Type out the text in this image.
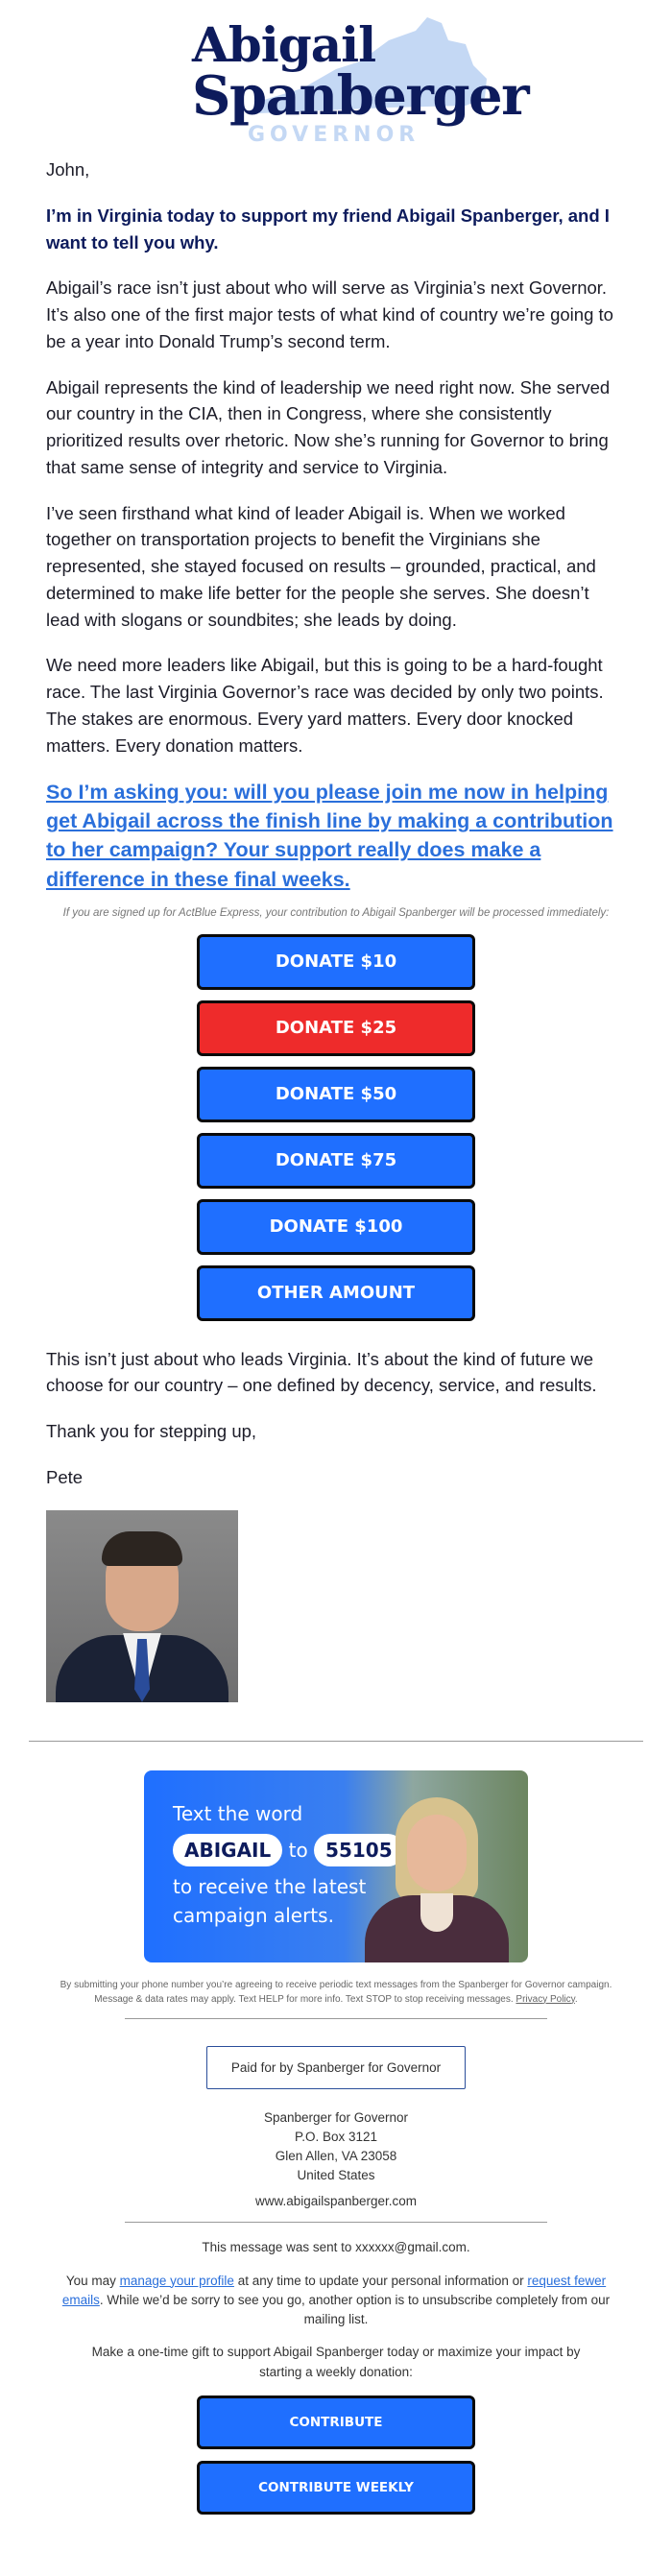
Abigail
Spanberger
GOVERNOR

John,

I’m in Virginia today to support my friend Abigail Spanberger, and I want to tell you why.

Abigail’s race isn’t just about who will serve as Virginia’s next Governor. It’s also one of the first major tests of what kind of country we’re going to be a year into Donald Trump’s second term.

Abigail represents the kind of leadership we need right now. She served our country in the CIA, then in Congress, where she consistently prioritized results over rhetoric. Now she’s running for Governor to bring that same sense of integrity and service to Virginia.

I’ve seen firsthand what kind of leader Abigail is. When we worked together on transportation projects to benefit the Virginians she represented, she stayed focused on results – grounded, practical, and determined to make life better for the people she serves. She doesn’t lead with slogans or soundbites; she leads by doing.

We need more leaders like Abigail, but this is going to be a hard-fought race. The last Virginia Governor’s race was decided by only two points. The stakes are enormous. Every yard matters. Every door knocked matters. Every donation matters.

So I’m asking you: will you please join me now in helping get Abigail across the finish line by making a contribution to her campaign? Your support really does make a difference in these final weeks.

If you are signed up for ActBlue Express, your contribution to Abigail Spanberger will be processed immediately:

DONATE $10
DONATE $25
DONATE $50
DONATE $75
DONATE $100
OTHER AMOUNT

This isn’t just about who leads Virginia. It’s about the kind of future we choose for our country – one defined by decency, service, and results.

Thank you for stepping up,

Pete

Text the word
ABIGAIL to 55105
to receive the latest
campaign alerts.

By submitting your phone number you’re agreeing to receive periodic text messages from the Spanberger for Governor campaign. Message & data rates may apply. Text HELP for more info. Text STOP to stop receiving messages. Privacy Policy.

Paid for by Spanberger for Governor
Spanberger for Governor
P.O. Box 3121
Glen Allen, VA 23058
United States
www.abigailspanberger.com

This message was sent to xxxxxx@gmail.com.

You may manage your profile at any time to update your personal information or request fewer emails. While we’d be sorry to see you go, another option is to unsubscribe completely from our mailing list.

Make a one-time gift to support Abigail Spanberger today or maximize your impact by starting a weekly donation:

CONTRIBUTE
CONTRIBUTE WEEKLY
